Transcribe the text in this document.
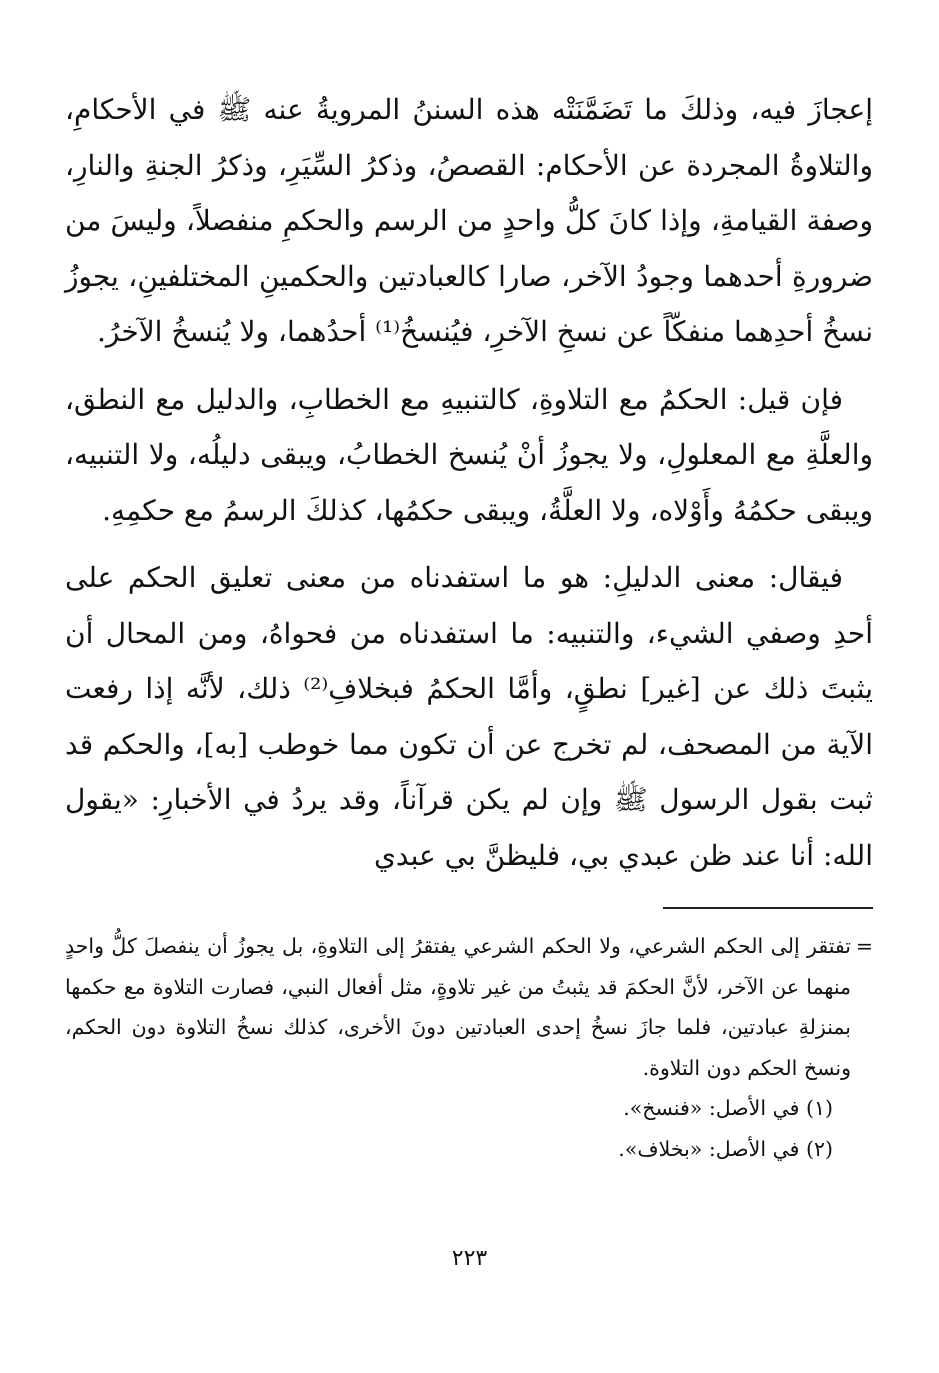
إعجازَ فيه، وذلكَ ما تَضَمَّنَتْه هذه السننُ المرويةُ عنه ﷺ في الأحكامِ، والتلاوةُ المجردة عن الأحكام: القصصُ، وذكرُ السِّيَرِ، وذكرُ الجنةِ والنارِ، وصفة القيامةِ، وإذا كانَ كلُّ واحدٍ من الرسم والحكمِ منفصلاً، وليسَ من ضرورةِ أحدهما وجودُ الآخر، صارا كالعبادتين والحكمينِ المختلفينِ، يجوزُ نسخُ أحدِهما منفكّاً عن نسخِ الآخرِ، فيُنسخُ⁽¹⁾ أحدُهما، ولا يُنسخُ الآخرُ.

فإن قيل: الحكمُ مع التلاوةِ، كالتنبيهِ مع الخطابِ، والدليل مع النطق، والعلَّةِ مع المعلولِ، ولا يجوزُ أنْ يُنسخ الخطابُ، ويبقى دليلُه، ولا التنبيه، ويبقى حكمُهُ وأَوْلاه، ولا العلَّةُ، ويبقى حكمُها، كذلكَ الرسمُ مع حكمِهِ.

فيقال: معنى الدليلِ: هو ما استفدناه من معنى تعليق الحكم على أحدِ وصفي الشيء، والتنبيه: ما استفدناه من فحواهُ، ومن المحال أن يثبتَ ذلك عن [غير] نطقٍ، وأمَّا الحكمُ فبخلافِ⁽²⁾ ذلك، لأنَّه إذا رفعت الآية من المصحف، لم تخرج عن أن تكون مما خوطب [به]، والحكم قد ثبت بقول الرسول ﷺ وإن لم يكن قرآناً، وقد يردُ في الأخبارِ: «يقول الله: أنا عند ظن عبدي بي، فليظنَّ بي عبدي

=
تفتقر إلى الحكم الشرعي، ولا الحكم الشرعي يفتقرُ إلى التلاوةِ، بل يجوزُ أن ينفصلَ كلُّ واحدٍ منهما عن الآخر، لأنَّ الحكمَ قد يثبتُ من غير تلاوةٍ، مثل أفعال النبي، فصارت التلاوة مع حكمها بمنزلةِ عبادتين، فلما جازَ نسخُ إحدى العبادتين دونَ الأخرى، كذلك نسخُ التلاوة دون الحكم، ونسخ الحكم دون التلاوة.

(١) في الأصل: «فنسخ».

(٢) في الأصل: «بخلاف».

٢٢٣
